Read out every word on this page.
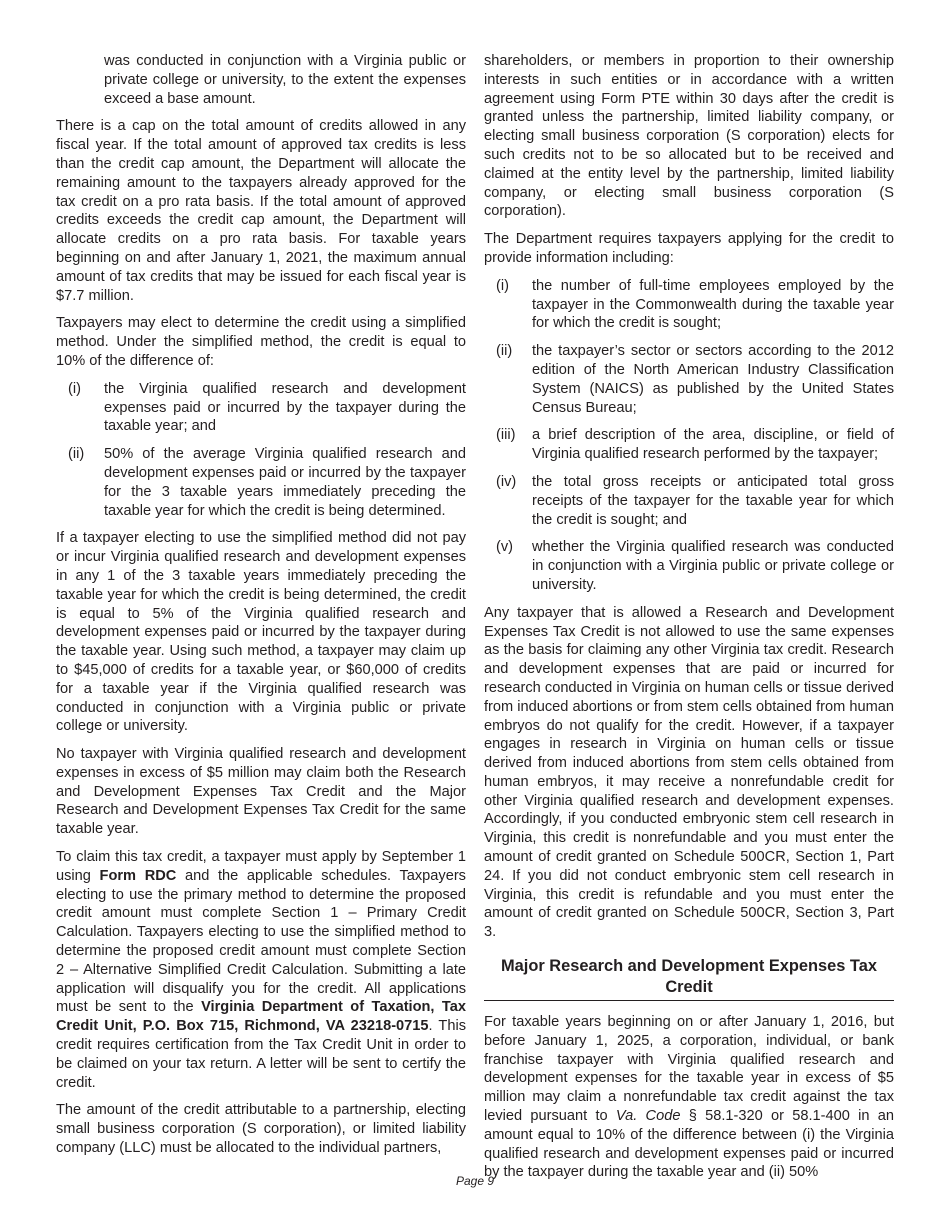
was conducted in conjunction with a Virginia public or private college or university, to the extent the expenses exceed a base amount.

There is a cap on the total amount of credits allowed in any fiscal year. If the total amount of approved tax credits is less than the credit cap amount, the Department will allocate the remaining amount to the taxpayers already approved for the tax credit on a pro rata basis. If the total amount of approved credits exceeds the credit cap amount, the Department will allocate credits on a pro rata basis. For taxable years beginning on and after January 1, 2021, the maximum annual amount of tax credits that may be issued for each fiscal year is $7.7 million.

Taxpayers may elect to determine the credit using a simplified method. Under the simplified method, the credit is equal to 10% of the difference of:

(i)	the Virginia qualified research and development expenses paid or incurred by the taxpayer during the taxable year; and
(ii)	50% of the average Virginia qualified research and development expenses paid or incurred by the taxpayer for the 3 taxable years immediately preceding the taxable year for which the credit is being determined.

If a taxpayer electing to use the simplified method did not pay or incur Virginia qualified research and development expenses in any 1 of the 3 taxable years immediately preceding the taxable year for which the credit is being determined, the credit is equal to 5% of the Virginia qualified research and development expenses paid or incurred by the taxpayer during the taxable year. Using such method, a taxpayer may claim up to $45,000 of credits for a taxable year, or $60,000 of credits for a taxable year if the Virginia qualified research was conducted in conjunction with a Virginia public or private college or university.

No taxpayer with Virginia qualified research and development expenses in excess of $5 million may claim both the Research and Development Expenses Tax Credit and the Major Research and Development Expenses Tax Credit for the same taxable year.

To claim this tax credit, a taxpayer must apply by September 1 using Form RDC and the applicable schedules. Taxpayers electing to use the primary method to determine the proposed credit amount must complete Section 1 – Primary Credit Calculation. Taxpayers electing to use the simplified method to determine the proposed credit amount must complete Section 2 – Alternative Simplified Credit Calculation. Submitting a late application will disqualify you for the credit. All applications must be sent to the Virginia Department of Taxation, Tax Credit Unit, P.O. Box 715, Richmond, VA 23218-0715. This credit requires certification from the Tax Credit Unit in order to be claimed on your tax return. A letter will be sent to certify the credit.

The amount of the credit attributable to a partnership, electing small business corporation (S corporation), or limited liability company (LLC) must be allocated to the individual partners,

shareholders, or members in proportion to their ownership interests in such entities or in accordance with a written agreement using Form PTE within 30 days after the credit is granted unless the partnership, limited liability company, or electing small business corporation (S corporation) elects for such credits not to be so allocated but to be received and claimed at the entity level by the partnership, limited liability company, or electing small business corporation (S corporation).

The Department requires taxpayers applying for the credit to provide information including:

(i)	the number of full-time employees employed by the taxpayer in the Commonwealth during the taxable year for which the credit is sought;
(ii)	the taxpayer’s sector or sectors according to the 2012 edition of the North American Industry Classification System (NAICS) as published by the United States Census Bureau;
(iii)	a brief description of the area, discipline, or field of Virginia qualified research performed by the taxpayer;
(iv)	the total gross receipts or anticipated total gross receipts of the taxpayer for the taxable year for which the credit is sought; and
(v)	whether the Virginia qualified research was conducted in conjunction with a Virginia public or private college or university.

Any taxpayer that is allowed a Research and Development Expenses Tax Credit is not allowed to use the same expenses as the basis for claiming any other Virginia tax credit. Research and development expenses that are paid or incurred for research conducted in Virginia on human cells or tissue derived from induced abortions or from stem cells obtained from human embryos do not qualify for the credit. However, if a taxpayer engages in research in Virginia on human cells or tissue derived from induced abortions from stem cells obtained from human embryos, it may receive a nonrefundable credit for other Virginia qualified research and development expenses. Accordingly, if you conducted embryonic stem cell research in Virginia, this credit is nonrefundable and you must enter the amount of credit granted on Schedule 500CR, Section 1, Part 24. If you did not conduct embryonic stem cell research in Virginia, this credit is refundable and you must enter the amount of credit granted on Schedule 500CR, Section 3, Part 3.

Major Research and Development Expenses Tax Credit

For taxable years beginning on or after January 1, 2016, but before January 1, 2025, a corporation, individual, or bank franchise taxpayer with Virginia qualified research and development expenses for the taxable year in excess of $5 million may claim a nonrefundable tax credit against the tax levied pursuant to Va. Code § 58.1-320 or 58.1-400 in an amount equal to 10% of the difference between (i) the Virginia qualified research and development expenses paid or incurred by the taxpayer during the taxable year and (ii) 50%

Page 9
